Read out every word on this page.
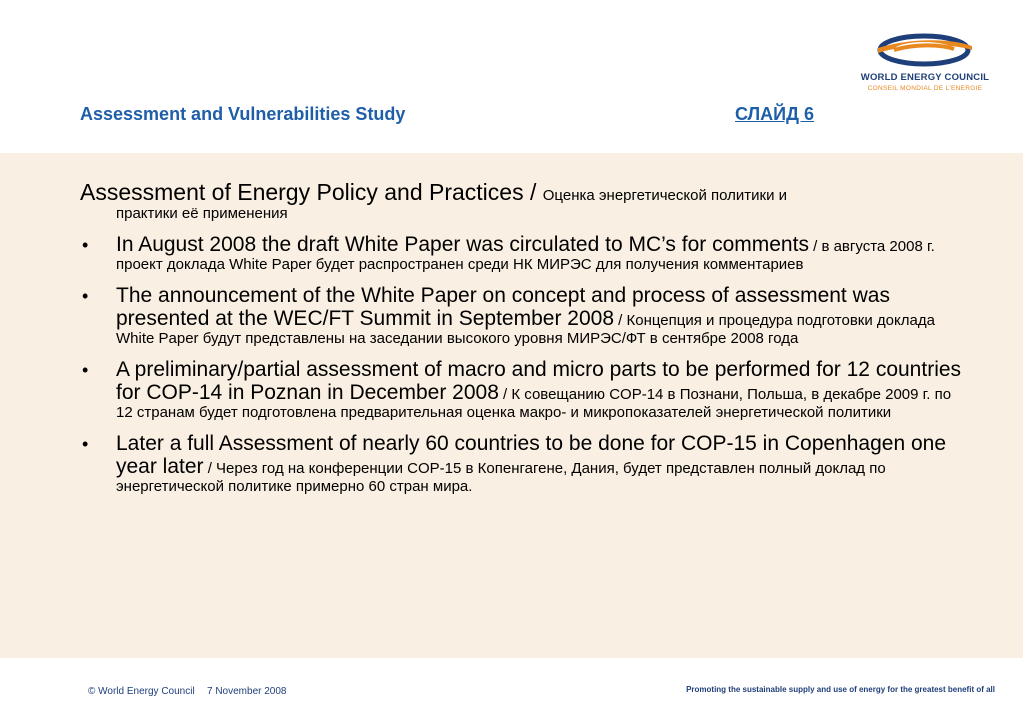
Assessment and Vulnerabilities Study	СЛАЙД 6
WORLD ENERGY COUNCIL
CONSEIL MONDIAL DE L'ENERGIE

Assessment of Energy Policy and Practices / Оценка энергетической политики и

практики её применения

• In August 2008 the draft White Paper was circulated to MC’s for comments / в августа 2008 г. проект доклада White Paper будет распространен среди НК МИРЭС для получения комментариев
• The announcement of the White Paper on concept and process of assessment was presented at the WEC/FT Summit in September 2008 / Концепция и процедура подготовки доклада White Paper будут представлены на заседании высокого уровня МИРЭС/ФТ в сентябре 2008 года
• A preliminary/partial assessment of macro and micro parts to be performed for 12 countries for COP-14 in Poznan in December 2008 / К совещанию COP-14 в Познани, Польша, в декабре 2009 г. по 12 странам будет подготовлена предварительная оценка макро- и микропоказателей энергетической политики
• Later a full Assessment of nearly 60 countries to be done for COP-15 in Copenhagen one year later / Через год на конференции COP-15 в Копенгагене, Дания, будет представлен полный доклад по энергетической политике примерно 60 стран мира.
© World Energy Council 7 November 2008	Promoting the sustainable supply and use of energy for the greatest benefit of all
